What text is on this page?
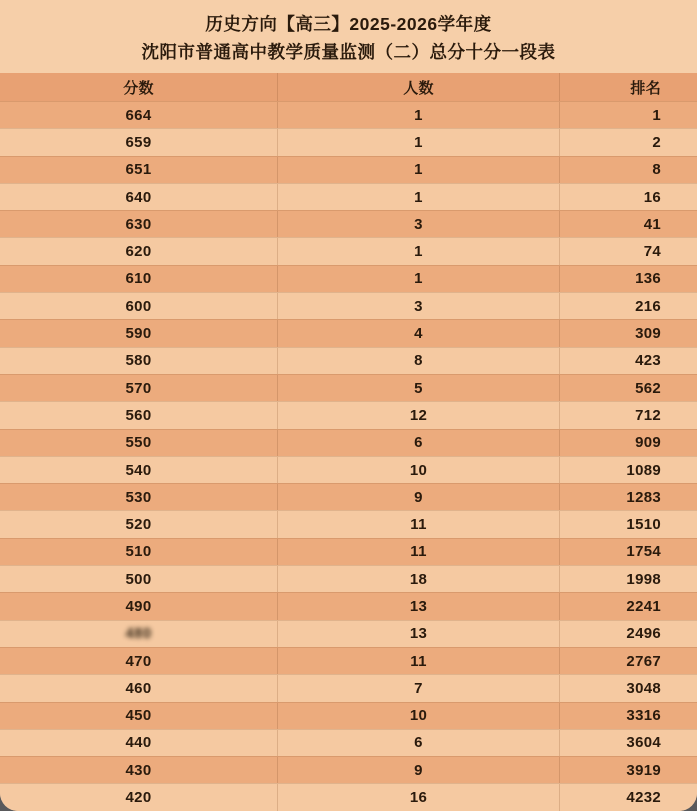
历史方向【高三】2025-2026学年度
沈阳市普通高中教学质量监测（二）总分十分一段表
分数	人数	排名
664	1	1
659	1	2
651	1	8
640	1	16
630	3	41
620	1	74
610	1	136
600	3	216
590	4	309
580	8	423
570	5	562
560	12	712
550	6	909
540	10	1089
530	9	1283
520	11	1510
510	11	1754
500	18	1998
490	13	2241
480	13	2496
470	11	2767
460	7	3048
450	10	3316
440	6	3604
430	9	3919
420	16	4232
